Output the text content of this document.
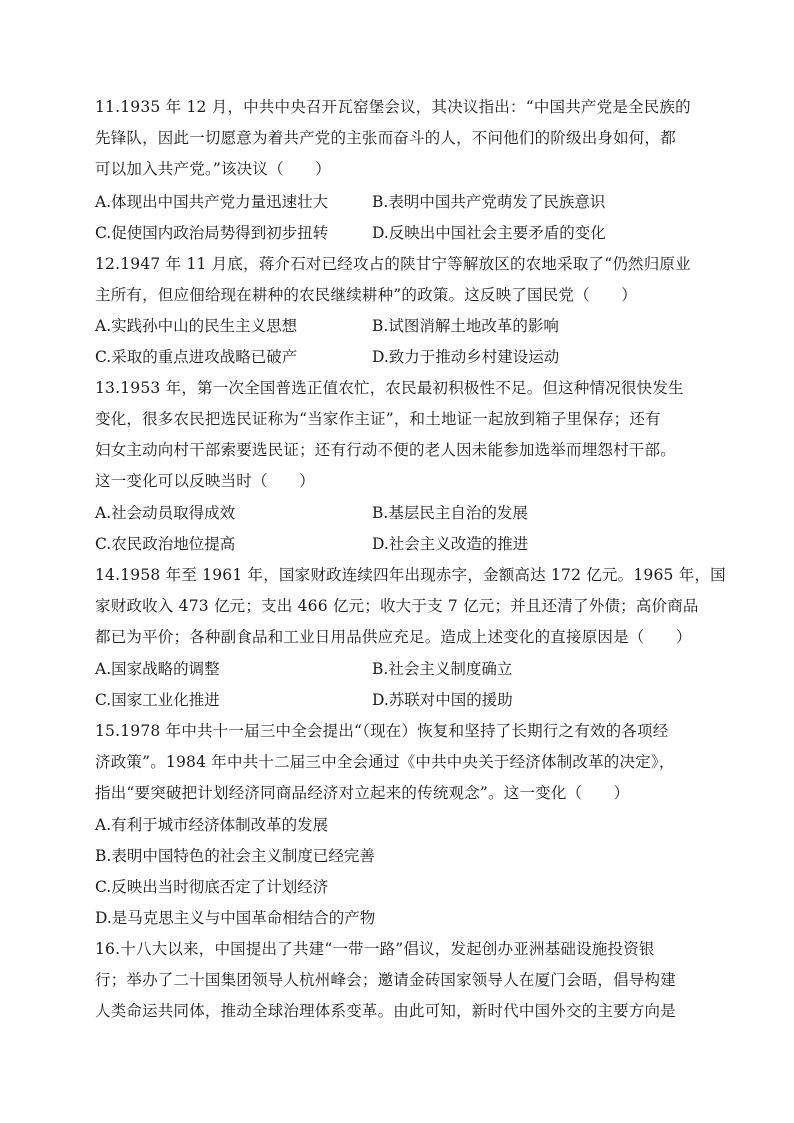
11.1935 年 12 月，中共中央召开瓦窑堡会议，其决议指出：“中国共产党是全民族的
先锋队，因此一切愿意为着共产党的主张而奋斗的人，不问他们的阶级出身如何，都
可以加入共产党。”该决议（　　）
A.体现出中国共产党力量迅速壮大	B.表明中国共产党萌发了民族意识
C.促使国内政治局势得到初步扭转	D.反映出中国社会主要矛盾的变化
12.1947 年 11 月底，蒋介石对已经攻占的陕甘宁等解放区的农地采取了“仍然归原业
主所有，但应佃给现在耕种的农民继续耕种”的政策。这反映了国民党（　　）
A.实践孙中山的民生主义思想	B.试图消解土地改革的影响
C.采取的重点进攻战略已破产	D.致力于推动乡村建设运动
13.1953 年，第一次全国普选正值农忙，农民最初积极性不足。但这种情况很快发生
变化，很多农民把选民证称为“当家作主证”，和土地证一起放到箱子里保存；还有
妇女主动向村干部索要选民证；还有行动不便的老人因未能参加选举而埋怨村干部。
这一变化可以反映当时（　　）
A.社会动员取得成效	B.基层民主自治的发展
C.农民政治地位提高	D.社会主义改造的推进
14.1958 年至 1961 年，国家财政连续四年出现赤字，金额高达 172 亿元。1965 年，国
家财政收入 473 亿元；支出 466 亿元；收大于支 7 亿元；并且还清了外债；高价商品
都已为平价；各种副食品和工业日用品供应充足。造成上述变化的直接原因是（　　）
A.国家战略的调整	B.社会主义制度确立
C.国家工业化推进	D.苏联对中国的援助
15.1978 年中共十一届三中全会提出“（现在）恢复和坚持了长期行之有效的各项经
济政策”。1984 年中共十二届三中全会通过《中共中央关于经济体制改革的决定》，
指出“要突破把计划经济同商品经济对立起来的传统观念”。这一变化（　　）
A.有利于城市经济体制改革的发展
B.表明中国特色的社会主义制度已经完善
C.反映出当时彻底否定了计划经济
D.是马克思主义与中国革命相结合的产物
16.十八大以来，中国提出了共建“一带一路”倡议，发起创办亚洲基础设施投资银
行；举办了二十国集团领导人杭州峰会；邀请金砖国家领导人在厦门会晤，倡导构建
人类命运共同体，推动全球治理体系变革。由此可知，新时代中国外交的主要方向是
